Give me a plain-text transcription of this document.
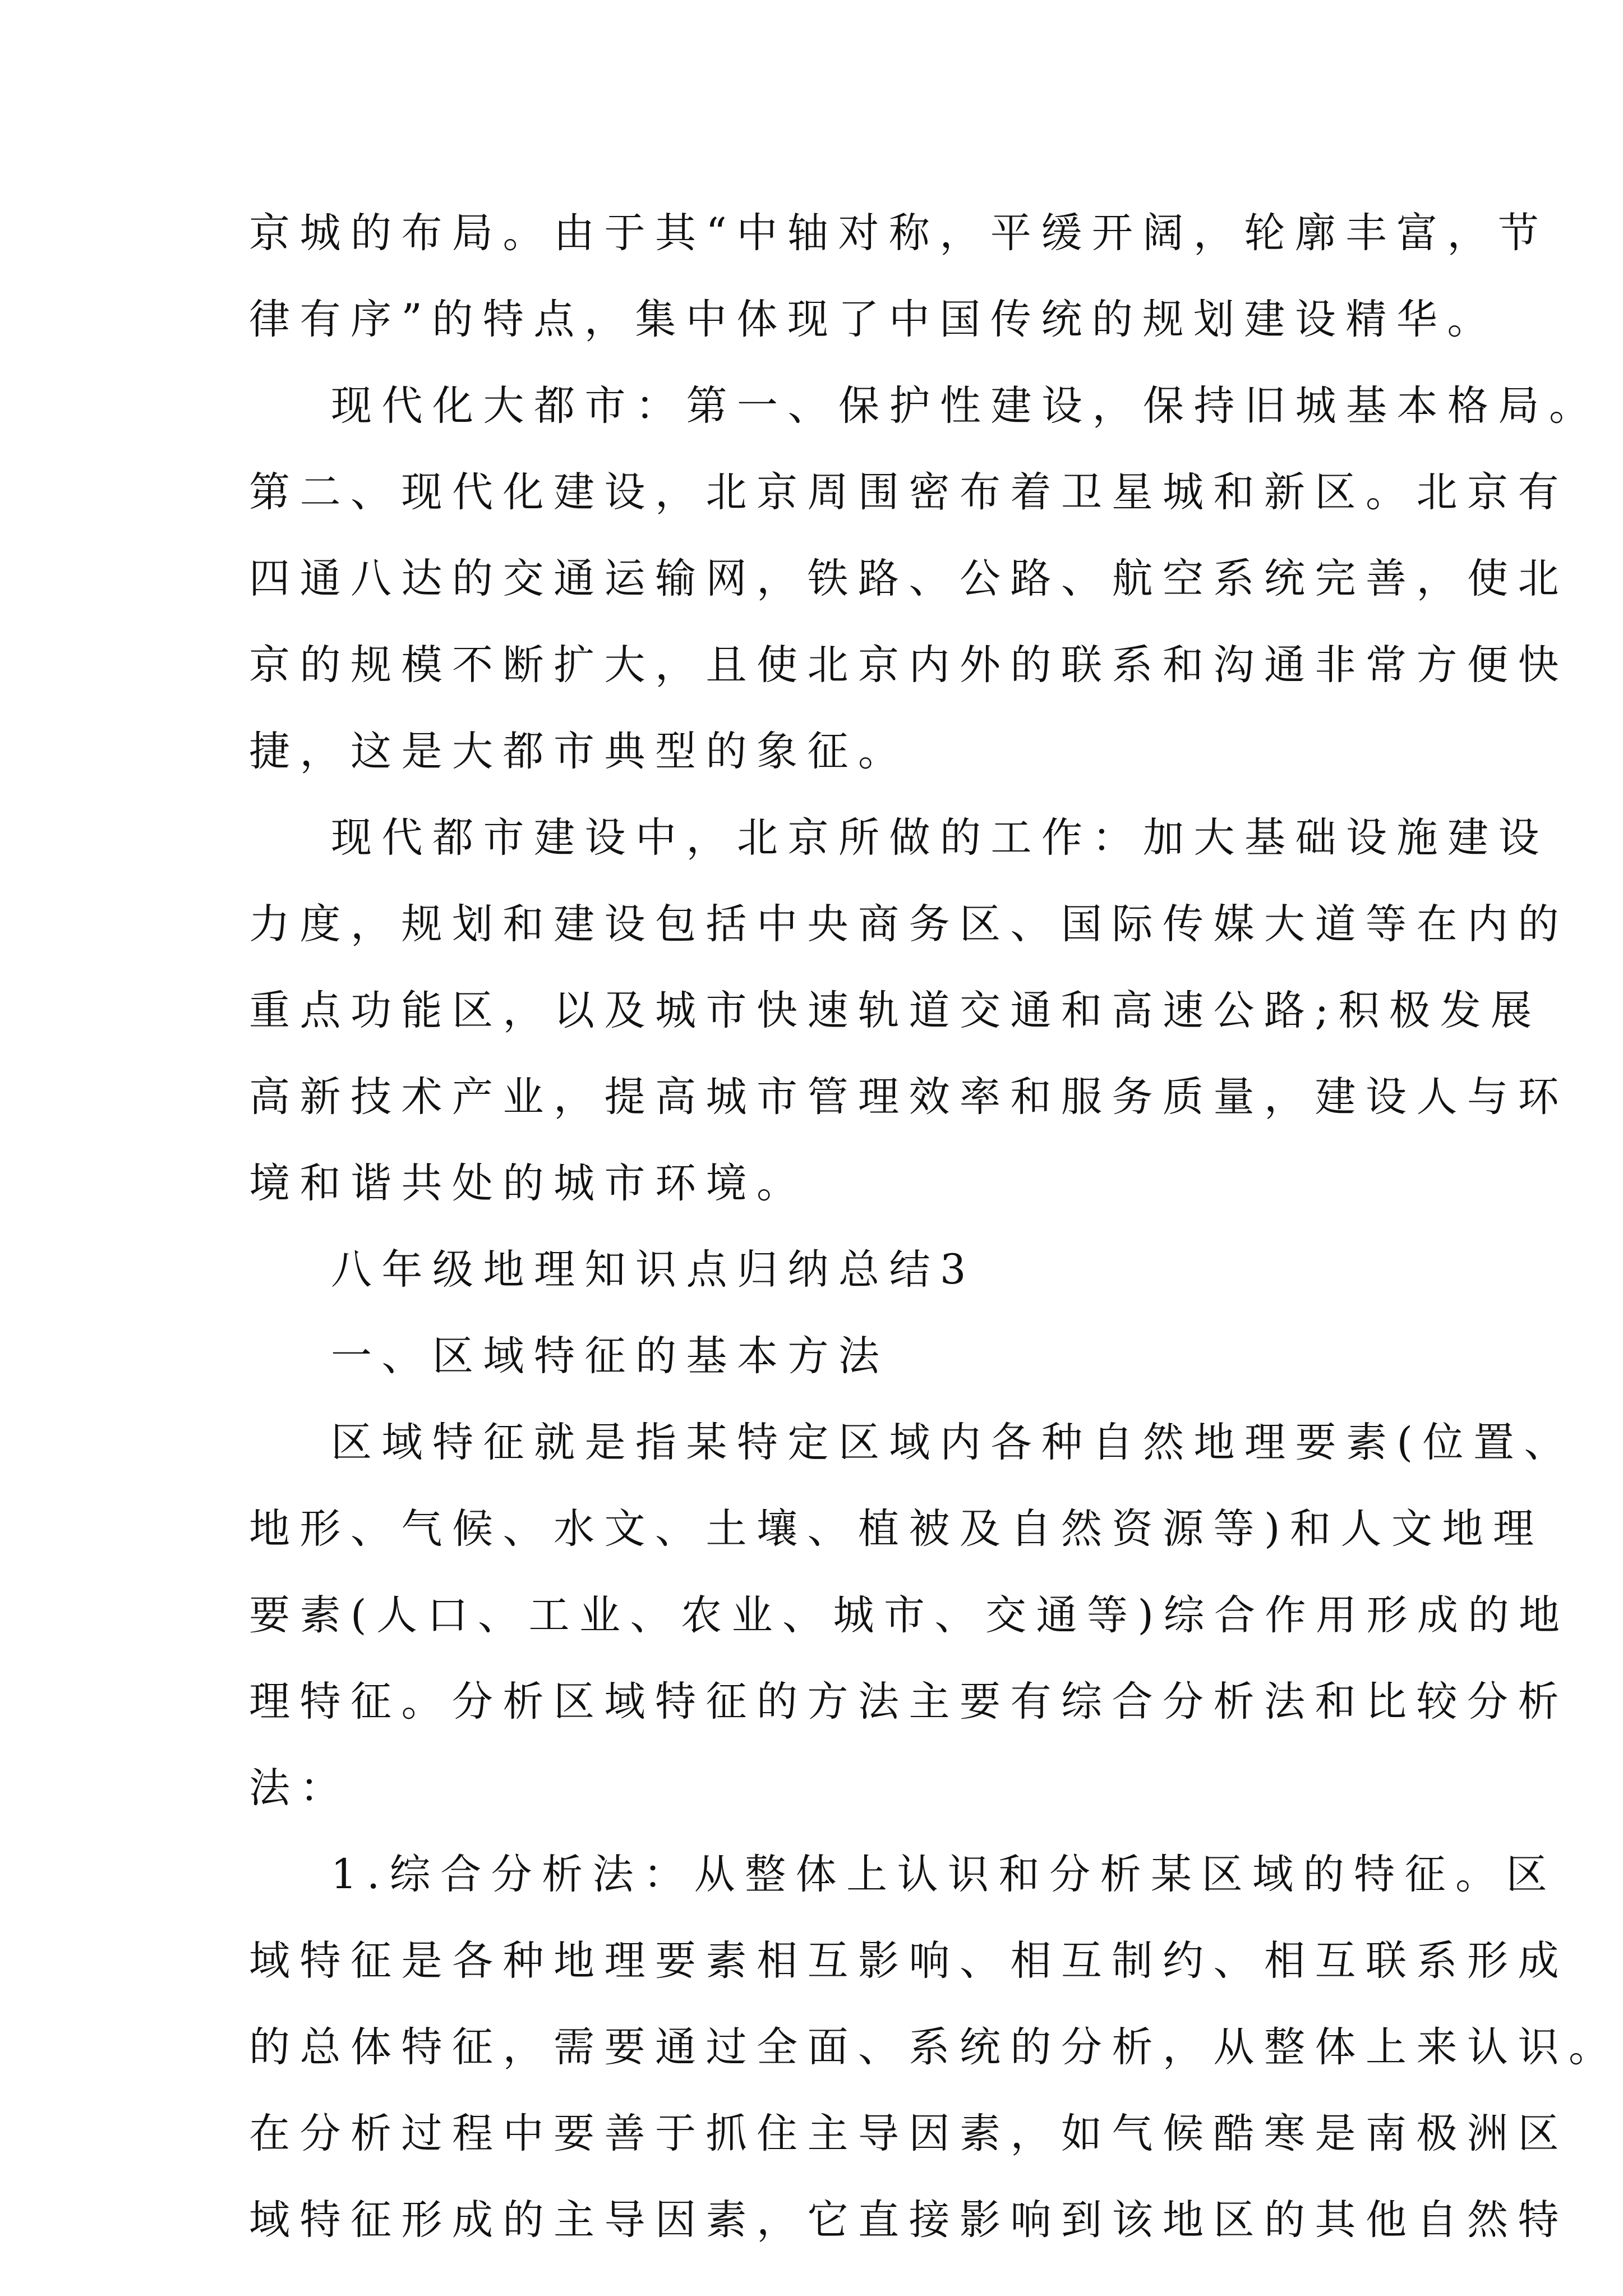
京城的布局。由于其“中轴对称，平缓开阔，轮廓丰富，节

律有序”的特点，集中体现了中国传统的规划建设精华。

现代化大都市：第一、保护性建设，保持旧城基本格局。

第二、现代化建设，北京周围密布着卫星城和新区。北京有

四通八达的交通运输网，铁路、公路、航空系统完善，使北

京的规模不断扩大，且使北京内外的联系和沟通非常方便快

捷，这是大都市典型的象征。

现代都市建设中，北京所做的工作：加大基础设施建设

力度，规划和建设包括中央商务区、国际传媒大道等在内的

重点功能区，以及城市快速轨道交通和高速公路;积极发展

高新技术产业，提高城市管理效率和服务质量，建设人与环

境和谐共处的城市环境。

八年级地理知识点归纳总结3

一、区域特征的基本方法

区域特征就是指某特定区域内各种自然地理要素(位置、

地形、气候、水文、土壤、植被及自然资源等)和人文地理

要素(人口、工业、农业、城市、交通等)综合作用形成的地

理特征。分析区域特征的方法主要有综合分析法和比较分析

法：

1.综合分析法：从整体上认识和分析某区域的特征。区

域特征是各种地理要素相互影响、相互制约、相互联系形成

的总体特征，需要通过全面、系统的分析，从整体上来认识。

在分析过程中要善于抓住主导因素，如气候酷寒是南极洲区

域特征形成的主导因素，它直接影响到该地区的其他自然特
